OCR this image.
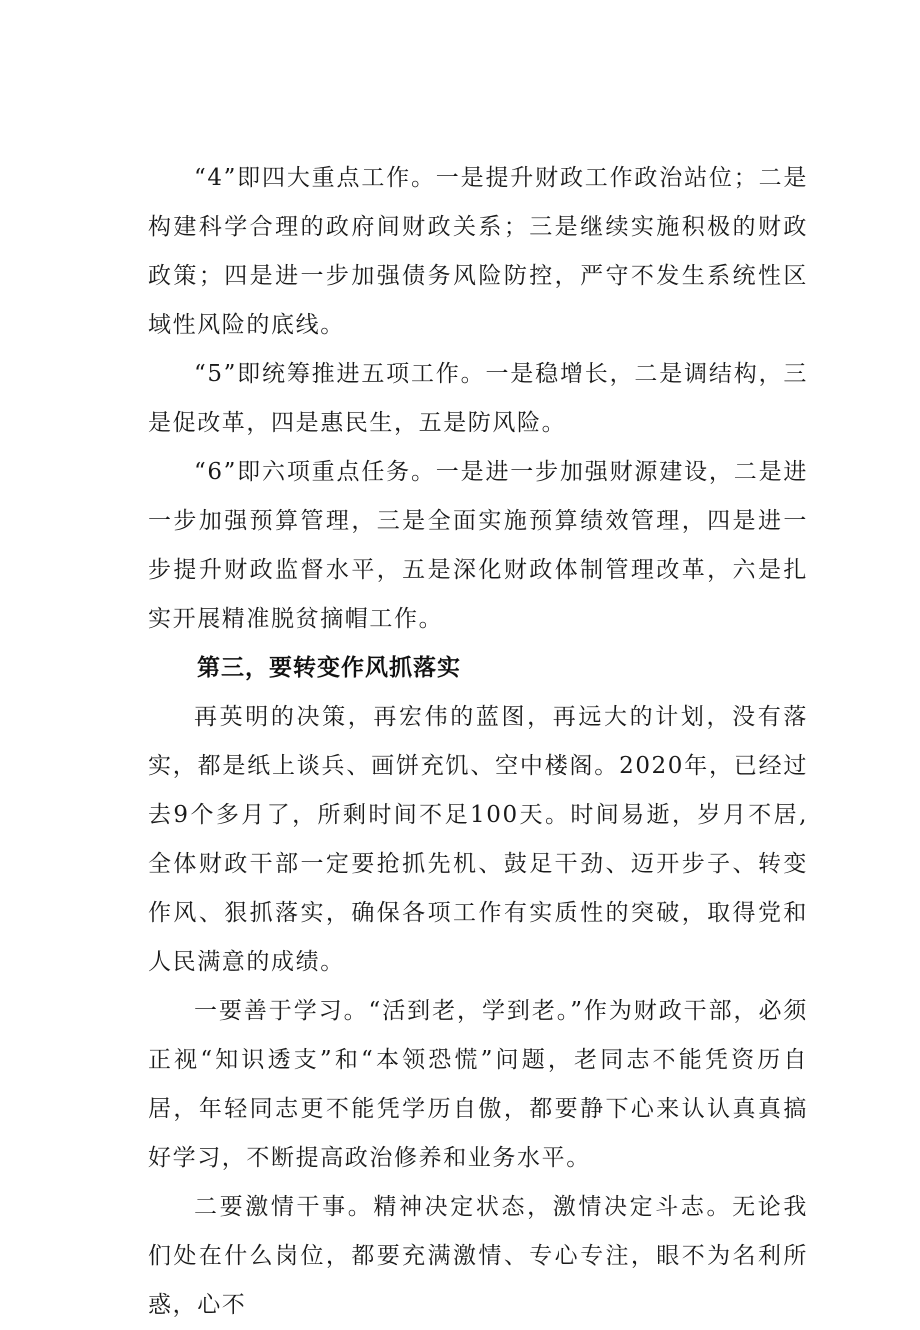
“4”即四大重点工作。一是提升财政工作政治站位；二是构建科学合理的政府间财政关系；三是继续实施积极的财政政策；四是进一步加强债务风险防控，严守不发生系统性区域性风险的底线。

“5”即统筹推进五项工作。一是稳增长，二是调结构，三是促改革，四是惠民生，五是防风险。

“6”即六项重点任务。一是进一步加强财源建设，二是进一步加强预算管理，三是全面实施预算绩效管理，四是进一步提升财政监督水平，五是深化财政体制管理改革，六是扎实开展精准脱贫摘帽工作。

第三，要转变作风抓落实

再英明的决策，再宏伟的蓝图，再远大的计划，没有落实，都是纸上谈兵、画饼充饥、空中楼阁。2020年，已经过去9个多月了，所剩时间不足100天。时间易逝，岁月不居,全体财政干部一定要抢抓先机、鼓足干劲、迈开步子、转变作风、狠抓落实，确保各项工作有实质性的突破，取得党和人民满意的成绩。

一要善于学习。“活到老，学到老。”作为财政干部，必须正视“知识透支”和“本领恐慌”问题，老同志不能凭资历自居，年轻同志更不能凭学历自傲，都要静下心来认认真真搞好学习，不断提高政治修养和业务水平。

二要激情干事。精神决定状态，激情决定斗志。无论我们处在什么岗位，都要充满激情、专心专注，眼不为名利所惑，心不
